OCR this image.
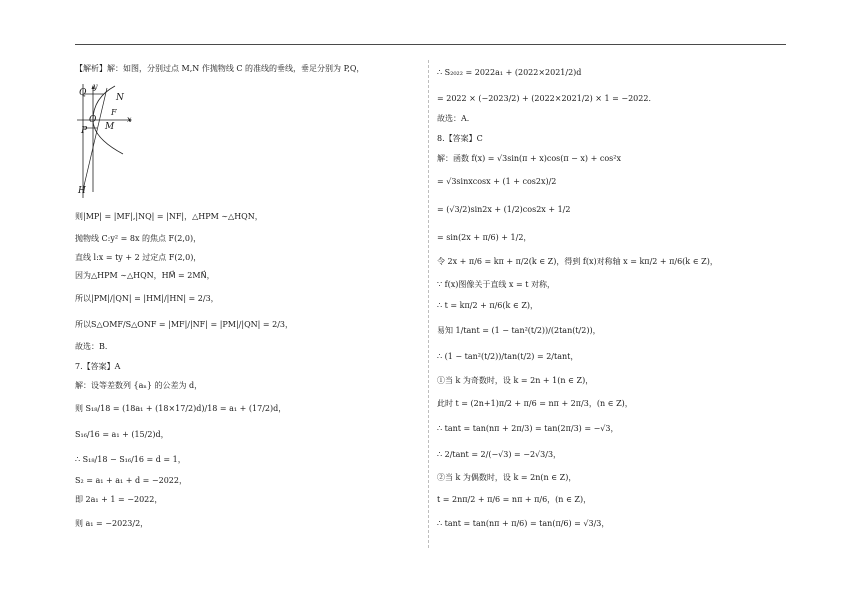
【解析】解：如图，分别过点 M,N 作抛物线 C 的准线的垂线，垂足分别为 P,Q，
Q
y
N
F
O	x
P M
H
则|MP| = |MF|,|NQ| = |NF|，△HPM ∼△HQN，
抛物线 C:y² = 8x 的焦点 F(2,0)，
直线 l:x = ty + 2 过定点 F(2,0)，
因为△HPM ∼△HQN，HM⃗ = 2MN⃗，
所以|PM|/|QN| = |HM|/|HN| = 2/3，
所以S△OMF/S△ONF = |MF|/|NF| = |PM|/|QN| = 2/3，
故选：B．
7.【答案】A
解：设等差数列 {aₙ} 的公差为 d，
则 S₁₈/18 = (18a₁ + (18×17/2)d)/18 = a₁ + (17/2)d，
S₁₆/16 = a₁ + (15/2)d，
∴ S₁₈/18 − S₁₆/16 = d = 1，
S₂ = a₁ + a₁ + d = −2022，
即 2a₁ + 1 = −2022，
则 a₁ = −2023/2，
∴ S₂₀₂₂ = 2022a₁ + (2022×2021/2)d
= 2022 × (−2023/2) + (2022×2021/2) × 1 = −2022．
故选：A．
8.【答案】C
解：函数 f(x) = √3sin(π + x)cos(π − x) + cos²x
= √3sinxcosx + (1 + cos2x)/2
= (√3/2)sin2x + (1/2)cos2x + 1/2
= sin(2x + π/6) + 1/2，
令 2x + π/6 = kπ + π/2(k ∈ Z)，得到 f(x)对称轴 x = kπ/2 + π/6(k ∈ Z)，
∵ f(x)图像关于直线 x = t 对称，
∴ t = kπ/2 + π/6(k ∈ Z)，
易知 1/tant = (1 − tan²(t/2))/(2tan(t/2))，
∴ (1 − tan²(t/2))/tan(t/2) = 2/tant，
①当 k 为奇数时，设 k = 2n + 1(n ∈ Z)，
此时 t = (2n+1)π/2 + π/6 = nπ + 2π/3，(n ∈ Z)，
∴ tant = tan(nπ + 2π/3) = tan(2π/3) = −√3，
∴ 2/tant = 2/(−√3) = −2√3/3，
②当 k 为偶数时，设 k = 2n(n ∈ Z)，
t = 2nπ/2 + π/6 = nπ + π/6，(n ∈ Z)，
∴ tant = tan(nπ + π/6) = tan(π/6) = √3/3，
